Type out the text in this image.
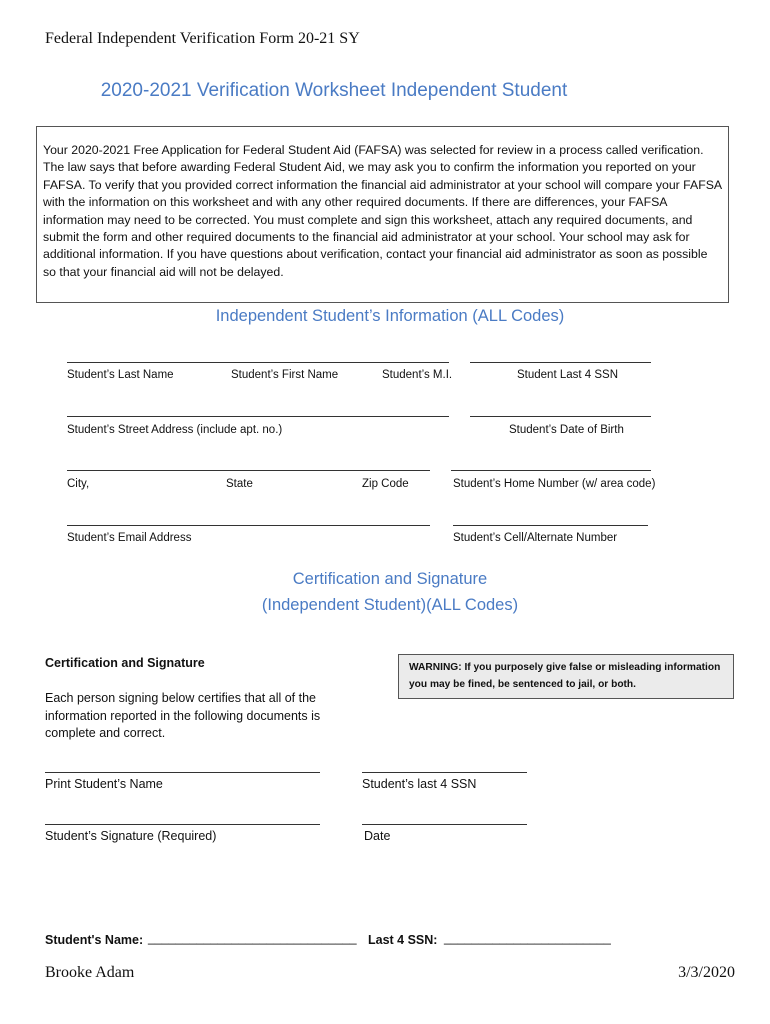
Federal Independent Verification Form 20-21 SY
2020-2021 Verification Worksheet Independent Student
Your 2020-2021 Free Application for Federal Student Aid (FAFSA) was selected for review in a process called verification. The law says that before awarding Federal Student Aid, we may ask you to confirm the information you reported on your FAFSA. To verify that you provided correct information the financial aid administrator at your school will compare your FAFSA with the information on this worksheet and with any other required documents. If there are differences, your FAFSA information may need to be corrected. You must complete and sign this worksheet, attach any required documents, and submit the form and other required documents to the financial aid administrator at your school. Your school may ask for additional information. If you have questions about verification, contact your financial aid administrator as soon as possible so that your financial aid will not be delayed.
Independent Student’s Information (ALL Codes)
Student’s Last Name	Student’s First Name	Student’s M.I.	Student Last 4 SSN
Student’s Street Address (include apt. no.)	Student’s Date of Birth
City,	State	Zip Code	Student’s Home Number (w/ area code)
Student’s Email Address	Student’s Cell/Alternate Number
Certification and Signature
(Independent Student)(ALL Codes)
Certification and Signature	WARNING: If you purposely give false or misleading information
you may be fined, be sentenced to jail, or both.
Each person signing below certifies that all of the information reported in the following documents is complete and correct.
Print Student’s Name	Student’s last 4 SSN
Student’s Signature (Required)	Date
Student's Name: ______________________________ Last 4 SSN: ________________________
Brooke Adam	3/3/2020
